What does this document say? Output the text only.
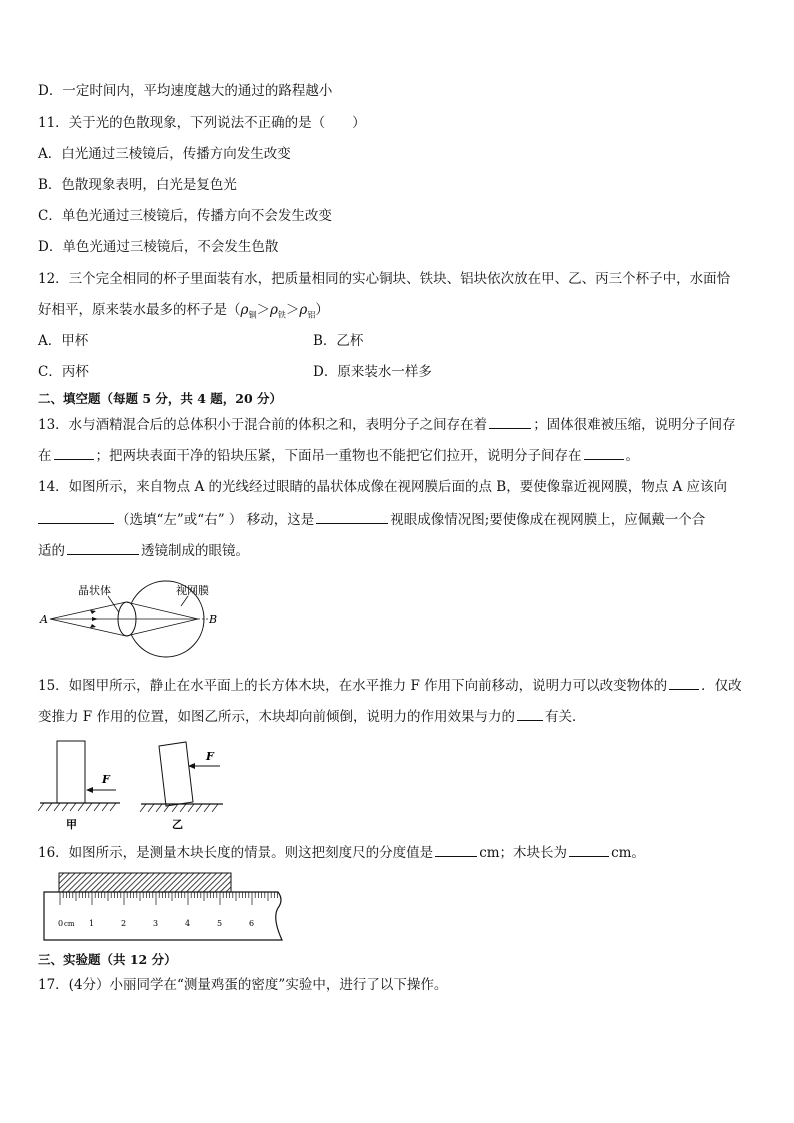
D．一定时间内，平均速度越大的通过的路程越小
11．关于光的色散现象，下列说法不正确的是（　　）
A．白光通过三棱镜后，传播方向发生改变
B．色散现象表明，白光是复色光
C．单色光通过三棱镜后，传播方向不会发生改变
D．单色光通过三棱镜后，不会发生色散
12．三个完全相同的杯子里面装有水，把质量相同的实心铜块、铁块、铝块依次放在甲、乙、丙三个杯子中，水面恰
好相平，原来装水最多的杯子是$(\rho_铜>\rho_铁>\rho_铝)$
A．甲杯	B．乙杯
C．丙杯	D．原来装水一样多
二、填空题（每题 5 分，共 4 题，20 分）
13．水与酒精混合后的总体积小于混合前的体积之和，表明分子之间存在着	；固体很难被压缩，说明分子间存
在	；把两块表面干净的铅块压紧，下面吊一重物也不能把它们拉开，说明分子间存在	。
14．如图所示，来自物点 A 的光线经过眼睛的晶状体成像在视网膜后面的点 B，要使像靠近视网膜，物点 A 应该向
（选填“左”或“右” ） 移动，这是	视眼成像情况图;要使像成在视网膜上，应佩戴一个合
适的	透镜制成的眼镜。
晶状体	视网膜
A	B
15．如图甲所示，静止在水平面上的长方体木块，在水平推力 F 作用下向前移动，说明力可以改变物体的	．仅改
变推力 F 作用的位置，如图乙所示，木块却向前倾倒，说明力的作用效果与力的 有关．
F
甲
F
乙
16．如图所示，是测量木块长度的情景。则这把刻度尺的分度值是	cm；木块长为	cm。
0 cm 1	2	3	4	5	6
三、实验题（共 12 分）
17．(4分）小丽同学在“测量鸡蛋的密度”实验中，进行了以下操作。
